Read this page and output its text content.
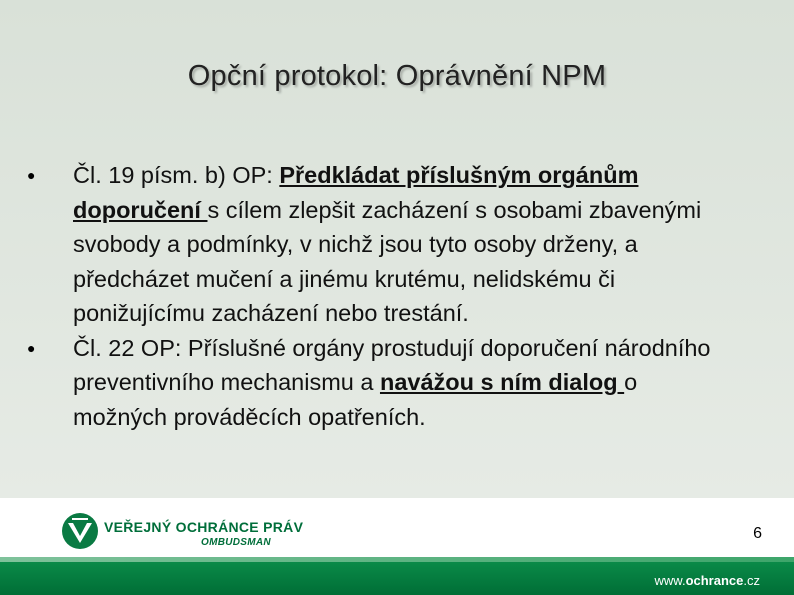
Opční protokol: Oprávnění NPM
● Čl. 19 písm. b) OP: Předkládat příslušným orgánům doporučení s cílem zlepšit zacházení s osobami zbavenými svobody a podmínky, v nichž jsou tyto osoby drženy, a předcházet mučení a jinému krutému, nelidskému či ponižujícímu zacházení nebo trestání.
● Čl. 22 OP: Příslušné orgány prostudují doporučení národního preventivního mechanismu a navážou s ním dialog o možných prováděcích opatřeních.
VEŘEJNÝ OCHRÁNCE PRÁV
OMBUDSMAN
6
www.ochrance.cz
